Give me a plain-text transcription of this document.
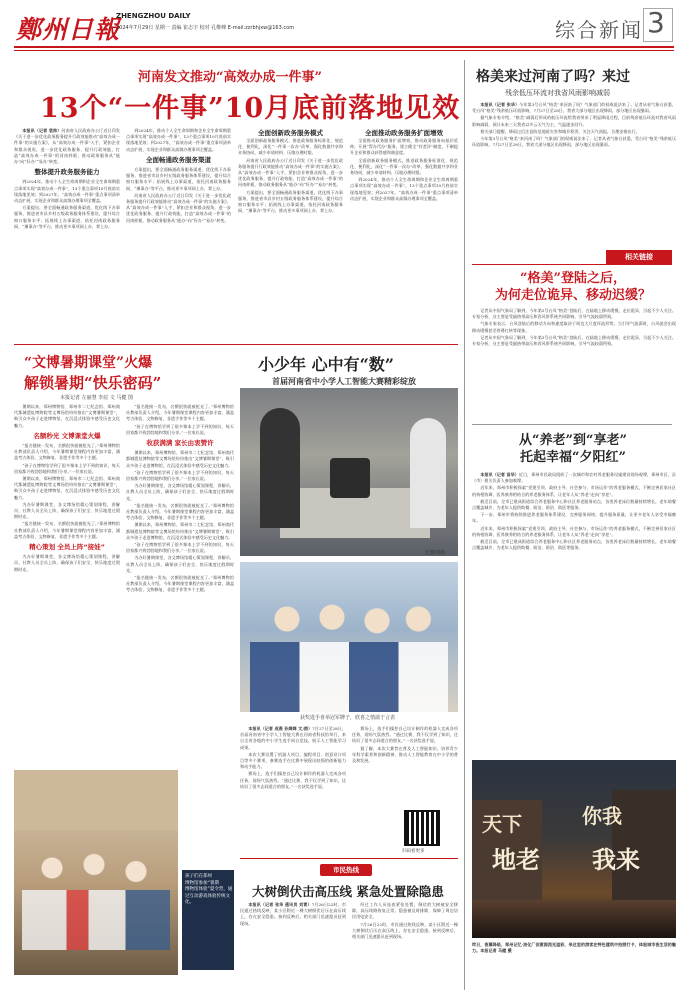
鄭州日報
ZHENGZHOU DAILY
2024年7月29日 星期一 责编 崔志宇 校对 孔维峰 E-mail:zzrbhjxw@163.com	综合新闻 3
河南发文推动“高效办成一件事”
13个“一件事”10月底前落地见效

本报讯（记者 袁帅）河南省人民政府办公厅近日印发《关于进一步优化政务服务提升行政效能推动“高效办成一件事”的实施方案》，从“高效办成一件事”入手，紧扣企业和群众视角，进一步优化政务服务、提升行政效能，打造“高效办成一件事”的河南样板，推动政务服务从“能办”向“好办”“易办”转变。

整体提升政务服务能力

到2024年，推动个人全生命周期和企业全生命周期重点事项实现“高效办成一件事”，13个重点事项10月底前实现落地见效；到2027年，“高效办成一件事”重点事项清单动态扩展，实现企业和群众高频办理事项全覆盖。

方案提出，要全面畅通政务服务渠道，优化线下办事服务，推进省市县乡村五级政务服务体系建设，提升综合窗口服务水平；拓展线上办事渠道，依托河南政务服务网、“豫事办”等平台，推动更多事项网上办、掌上办。

到2024年，推动个人全生命周期和企业全生命周期重点事项实现“高效办成一件事”，13个重点事项10月底前实现落地见效；到2027年，“高效办成一件事”重点事项清单动态扩展，实现企业和群众高频办理事项全覆盖。

全面畅通政务服务渠道

方案提出，要全面畅通政务服务渠道，优化线下办事服务，推进省市县乡村五级政务服务体系建设，提升综合窗口服务水平；拓展线上办事渠道，依托河南政务服务网、“豫事办”等平台，推动更多事项网上办、掌上办。

河南省人民政府办公厅近日印发《关于进一步优化政务服务提升行政效能推动“高效办成一件事”的实施方案》，从“高效办成一件事”入手，紧扣企业和群众视角，进一步优化政务服务、提升行政效能，打造“高效办成一件事”的河南样板，推动政务服务从“能办”向“好办”“易办”转变。

全面创新政务服务模式

全面创新政务服务模式，推进政务服务标准化、规范化、便利化，深化“一件事一次办”改革，强化数据共享和业务协同，减少申请材料、压缩办理时限。

河南省人民政府办公厅近日印发《关于进一步优化政务服务提升行政效能推动“高效办成一件事”的实施方案》，从“高效办成一件事”入手，紧扣企业和群众视角，进一步优化政务服务、提升行政效能，打造“高效办成一件事”的河南样板，推动政务服务从“能办”向“好办”“易办”转变。

方案提出，要全面畅通政务服务渠道，优化线下办事服务，推进省市县乡村五级政务服务体系建设，提升综合窗口服务水平；拓展线上办事渠道，依托河南政务服务网、“豫事办”等平台，推动更多事项网上办、掌上办。

全面推动政务服务扩面增效

全面推动政务服务扩面增效，推动政务服务向基层延伸，开展“帮办代办”服务，建立健全“好差评”制度，不断提升企业和群众获得感和满意度。

全面创新政务服务模式，推进政务服务标准化、规范化、便利化，深化“一件事一次办”改革，强化数据共享和业务协同，减少申请材料、压缩办理时限。

到2024年，推动个人全生命周期和企业全生命周期重点事项实现“高效办成一件事”，13个重点事项10月底前实现落地见效；到2027年，“高效办成一件事”重点事项清单动态扩展，实现企业和群众高频办理事项全覆盖。

格美来过河南了吗？来过
残余低压环流对我省风雨影响减弱

本报讯（记者 张华）今年第3号台风“格美”来河南了吗？气象部门的权威说法来了。记者从省气象台获悉，受台风“格美”残余低压环流影响，7月27日至28日，我省大部分地区出现降雨，部分地区出现暴雨。

据气象专家介绍，“格美”减弱后形成的低压环流给我省带来了明显降雨过程，目前残余低压环流对我省风雨影响减弱，预计未来三天我省以多云天气为主，气温逐步回升。

相关部门提醒，降雨过后注意防范地质灾害和城乡积涝，关注天气预报，合理安排出行。

今年第3号台风“格美”来河南了吗？气象部门的权威说法来了。记者从省气象台获悉，受台风“格美”残余低压环流影响，7月27日至28日，我省大部分地区出现降雨，部分地区出现暴雨。

相关链接
“格美”登陆之后，
为何走位诡异、移动迟缓？

记者从中国气象局了解到，今年第3号台风“格美”登陆后，在陆地上移动缓慢，走位诡异，引起不少人关注。专家分析，这主要是受副热带高压和西风带系统共同影响，引导气流较弱所致。

气象专家表示，台风登陆后的移动方向和速度取决于周边大尺度环流形势，当引导气流弱时，台风就会出现移动缓慢甚至停滞打转等现象。

记者从中国气象局了解到，今年第3号台风“格美”登陆后，在陆地上移动缓慢，走位诡异，引起不少人关注。专家分析，这主要是受副热带高压和西风带系统共同影响，引导气流较弱所致。

从“养老”到“享老”
托起幸福“夕阳红”

本报讯（记者 苗华）近日，郑州市民政局组织了一次城市和农村养老服务设施建设现场观摩，郑州市区、县（市）相关负责人参加观摩。

近年来，郑州市积极探索“党建引领、政府主导、社会参与、市场运作”的养老服务模式，不断完善居家社区机构相协调、医养康养相结合的养老服务体系，让老年人从“养老”走向“享老”。

截至目前，全市已建成街道综合养老服务中心和社区养老服务站点，各类养老床位数量持续增长，老年助餐点覆盖城乡，为老年人提供助餐、助洁、助浴、助医等服务。

下一步，郑州市将持续推进养老服务体系建设，完善服务网络，提升服务质量，让更多老年人享受幸福晚年。

近年来，郑州市积极探索“党建引领、政府主导、社会参与、市场运作”的养老服务模式，不断完善居家社区机构相协调、医养康养相结合的养老服务体系，让老年人从“养老”走向“享老”。

截至目前，全市已建成街道综合养老服务中心和社区养老服务站点，各类养老床位数量持续增长，老年助餐点覆盖城乡，为老年人提供助餐、助洁、助浴、助医等服务。

天下	你我
地老 我来
昨日，夜幕降临，郑州记忆·油化厂创意园流光溢彩，来这里的游客在特色建筑中拍照打卡，体验城市夜生活的魅力。本报记者 马健 摄
“文博暑期课堂”火爆
解锁暑期“快乐密码”
本报记者 左丽慧 李辰 文 马健 图

暑期以来，郑州博物馆、郑州市二七纪念馆、郑州商代都城遗址博物院等文博场馆纷纷推出“文博暑期课堂”，吸引众多孩子走进博物馆，在沉浸式体验中感受历史文化魅力。

名额秒光 文博课堂火爆

“报名链接一发布，名额很快就被抢光了。”郑州博物馆社教部负责人介绍，今年暑期课堂课程内容更加丰富，涵盖考古体验、文物修复、非遗手作等多个主题。

“孩子在博物馆学到了很多课本上学不到的知识，每天回家都兴致勃勃地和我们分享。”一位家长说。

暑期以来，郑州博物馆、郑州市二七纪念馆、郑州商代都城遗址博物院等文博场馆纷纷推出“文博暑期课堂”，吸引众多孩子走进博物馆，在沉浸式体验中感受历史文化魅力。

为办好暑期课堂，各文博场馆精心策划课程，讲解员、社教人员全员上阵，确保孩子们安全、快乐地度过假期时光。

“报名链接一发布，名额很快就被抢光了。”郑州博物馆社教部负责人介绍，今年暑期课堂课程内容更加丰富，涵盖考古体验、文物修复、非遗手作等多个主题。

精心策划 全员上阵“接娃”

为办好暑期课堂，各文博场馆精心策划课程，讲解员、社教人员全员上阵，确保孩子们安全、快乐地度过假期时光。

“报名链接一发布，名额很快就被抢光了。”郑州博物馆社教部负责人介绍，今年暑期课堂课程内容更加丰富，涵盖考古体验、文物修复、非遗手作等多个主题。

“孩子在博物馆学到了很多课本上学不到的知识，每天回家都兴致勃勃地和我们分享。”一位家长说。

收获满满 家长由衷赞许

暑期以来，郑州博物馆、郑州市二七纪念馆、郑州商代都城遗址博物院等文博场馆纷纷推出“文博暑期课堂”，吸引众多孩子走进博物馆，在沉浸式体验中感受历史文化魅力。

“孩子在博物馆学到了很多课本上学不到的知识，每天回家都兴致勃勃地和我们分享。”一位家长说。

为办好暑期课堂，各文博场馆精心策划课程，讲解员、社教人员全员上阵，确保孩子们安全、快乐地度过假期时光。

“报名链接一发布，名额很快就被抢光了。”郑州博物馆社教部负责人介绍，今年暑期课堂课程内容更加丰富，涵盖考古体验、文物修复、非遗手作等多个主题。

暑期以来，郑州博物馆、郑州市二七纪念馆、郑州商代都城遗址博物院等文博场馆纷纷推出“文博暑期课堂”，吸引众多孩子走进博物馆，在沉浸式体验中感受历史文化魅力。

“孩子在博物馆学到了很多课本上学不到的知识，每天回家都兴致勃勃地和我们分享。”一位家长说。

为办好暑期课堂，各文博场馆精心策划课程，讲解员、社教人员全员上阵，确保孩子们安全、快乐地度过假期时光。

“报名链接一发布，名额很快就被抢光了。”郑州博物馆社教部负责人介绍，今年暑期课堂课程内容更加丰富，涵盖考古体验、文物修复、非遗手作等多个主题。

孩子们在郑州
博物馆参加“暑期
博物馆体验”夏令营，通过互动游戏体验传统文化。
小少年 心中有“数”
首届河南省中小学人工智能大赛精彩绽放
比赛现场
获奖选手喜举冠军牌子，欣喜之情溢于言表

本报讯（记者 成燕 孙婵婵 文/图）7月27日至28日，首届河南省中小学人工智能大赛在河南省科技馆举行，来自全省各地的中小学生选手同台竞技，展示人工智能学习成果。

本次大赛设置了机器人项目、编程项目、创意设计项目等多个赛项，参赛选手在比赛中展现出较强的创新能力和动手能力。

赛场上，选手们操控自己设计制作的机器人完成各项任务，现场气氛热烈。“通过比赛，我不仅学到了知识，还结识了很多志同道合的朋友。”一名获奖选手说。

赛场上，选手们操控自己设计制作的机器人完成各项任务，现场气氛热烈。“通过比赛，我不仅学到了知识，还结识了很多志同道合的朋友。”一名获奖选手说。

据了解，本次大赛旨在普及人工智能知识，培养青少年科学素养和创新精神，推动人工智能教育在中小学的普及和发展。

扫码看更多
市民热线
大树倒伏击高压线 紧急处置除隐患

本报讯（记者 张华 通讯员 刘青）7月26日22时，市民通过热线反映，某小区附近一棵大树倒伏后压在高压线上，存在安全隐患。接到反映后，相关部门迅速派员赶到现场。

经过工作人员连夜紧张处置，倒伏的大树被安全移除，高压线路恢复正常，隐患被及时排除，保障了周边居民用电安全。

7月26日22时，市民通过热线反映，某小区附近一棵大树倒伏后压在高压线上，存在安全隐患。接到反映后，相关部门迅速派员赶到现场。
